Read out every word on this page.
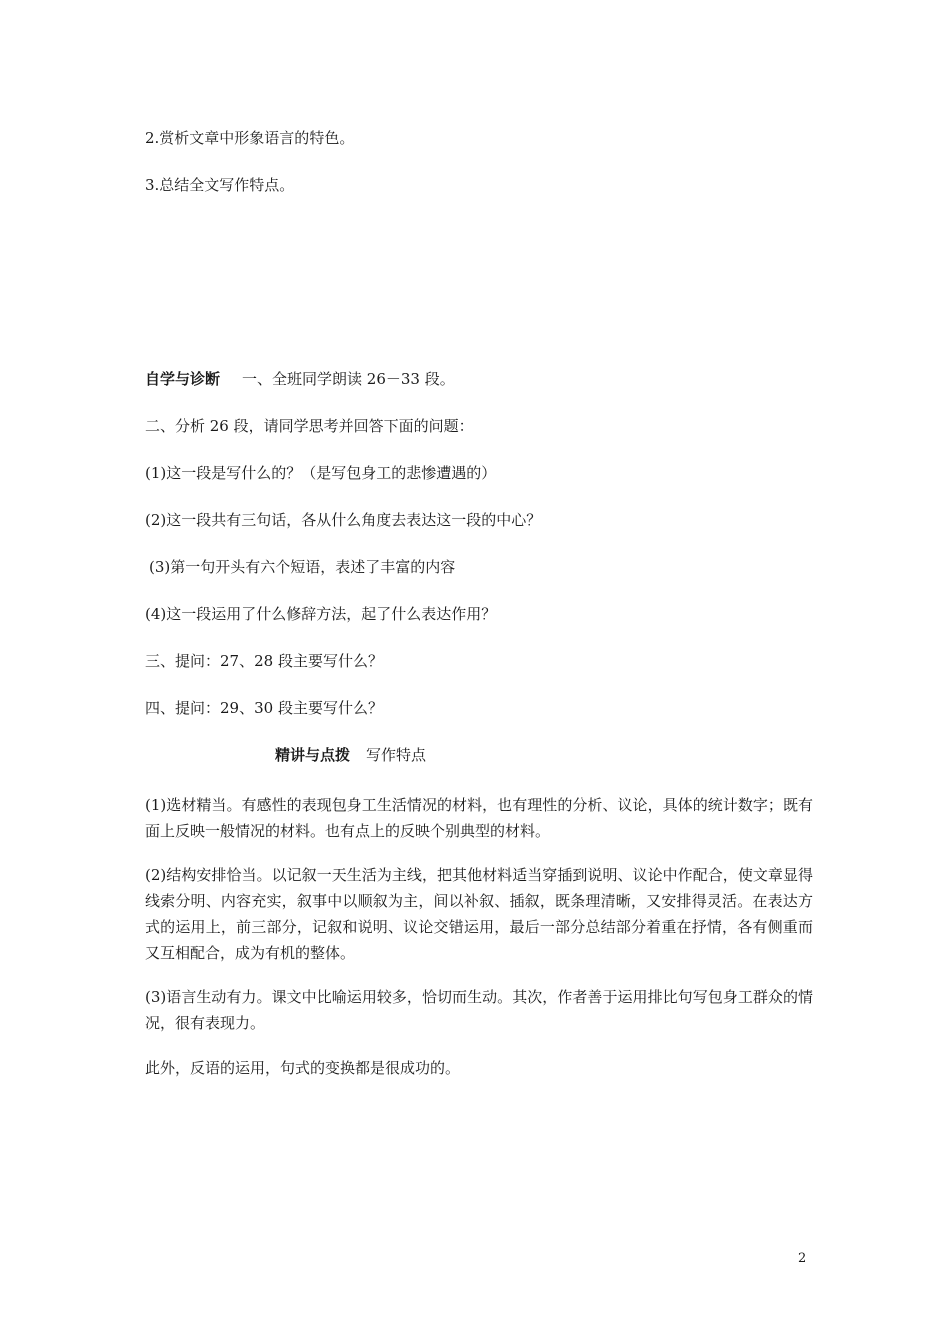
2.赏析文章中形象语言的特色。
3.总结全文写作特点。
自学与诊断 一、全班同学朗读 26－33 段。
二、分析 26 段，请同学思考并回答下面的问题：
(1)这一段是写什么的？（是写包身工的悲惨遭遇的）
(2)这一段共有三句话，各从什么角度去表达这一段的中心？
(3)第一句开头有六个短语，表述了丰富的内容
(4)这一段运用了什么修辞方法，起了什么表达作用？
三、提问：27、28 段主要写什么？
四、提问：29、30 段主要写什么？
精讲与点拨 写作特点
(1)选材精当。有感性的表现包身工生活情况的材料，也有理性的分析、议论，具体的统计数字；既有面上反映一般情况的材料。也有点上的反映个别典型的材料。
(2)结构安排恰当。以记叙一天生活为主线，把其他材料适当穿插到说明、议论中作配合，使文章显得线索分明、内容充实，叙事中以顺叙为主，间以补叙、插叙，既条理清晰，又安排得灵活。在表达方式的运用上，前三部分，记叙和说明、议论交错运用，最后一部分总结部分着重在抒情，各有侧重而又互相配合，成为有机的整体。
(3)语言生动有力。课文中比喻运用较多，恰切而生动。其次，作者善于运用排比句写包身工群众的情况，很有表现力。
此外，反语的运用，句式的变换都是很成功的。
2
